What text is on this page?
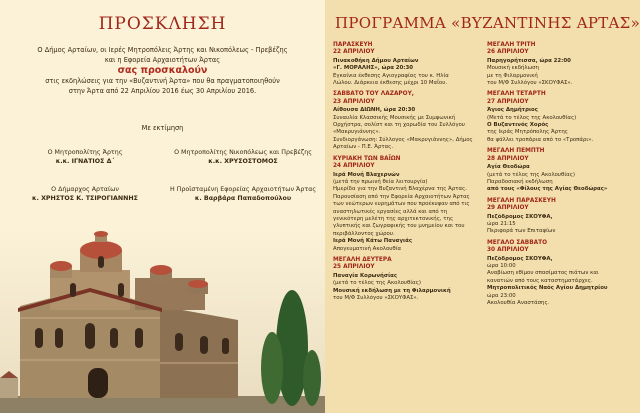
ΠΡΟΣΚΛΗΣΗ
Ο Δήμος Αρταίων, οι Ιερές Μητροπόλεις Άρτης και Νικοπόλεως - Πρεβέζης
και η Εφορεία Αρχαιοτήτων Άρτας
σας προσκαλούν
στις εκδηλώσεις για την «Βυζαντινή Άρτα» που θα πραγματοποιηθούν
στην Άρτα από 22 Απριλίου 2016 έως 30 Απριλίου 2016.
Με εκτίμηση
Ο Μητροπολίτης Άρτης
κ.κ. ΙΓΝΑΤΙΟΣ Δ΄
Ο Μητροπολίτης Νικοπόλεως και Πρεβέζης
κ.κ. ΧΡΥΣΟΣΤΟΜΟΣ
Ο Δήμαρχος Αρταίων
κ. ΧΡΗΣΤΟΣ Κ. ΤΣΙΡΟΓΙΑΝΝΗΣ
Η Προϊσταμένη Εφορείας Αρχαιοτήτων Άρτας
κ. Βαρβάρα Παπαδοπούλου
ΠΡΟΓΡΑΜΜΑ «ΒΥΖΑΝΤΙΝΗΣ ΑΡΤΑΣ»
ΠΑΡΑΣΚΕΥΗ
22 ΑΠΡΙΛΙΟΥ
Πινακοθήκη Δήμου Αρταίων
«Γ. ΜΟΡΑΛΗΣ», ώρα 20:30
Εγκαίνια έκθεσης Αγιογραφίας του κ. Ηλία
Λώλου. Διάρκεια έκθεσης μέχρι 10 Μαΐου.
ΣΑΒΒΑΤΟ ΤΟΥ ΛΑΖΑΡΟΥ,
23 ΑΠΡΙΛΙΟΥ
Αίθουσα ΔΙΩΝΗ, ώρα 20:30
Συναυλία Κλασσικής Μουσικής με Συμφωνική
Ορχήστρα, σολίστ και τη χορωδία του Συλλόγου
«Μακρυγιάννης».
Συνδιοργάνωση: Σύλλογος «Μακρυγιάννης», Δήμος
Αρταίων - Π.Ε. Άρτας.
ΚΥΡΙΑΚΗ ΤΩΝ ΒΑΪΩΝ
24 ΑΠΡΙΛΙΟΥ
Ιερά Μονή Βλαχερνών
(μετά την πρωινή θεία λειτουργία)
Ημερίδα για την Βυζαντινή Βλαχέρνα της Άρτας.
Παρουσίαση από την Εφορεία Αρχαιοτήτων Άρτας
των νεώτερων ευρημάτων που προέκυψαν από τις
αναστηλωτικές εργασίες αλλά και από τη
γενικότερη μελέτη της αρχιτεκτονικής, της
γλυπτικής και ζωγραφικής του μνημείου και του
περιβάλλοντος χώρου.
Ιερά Μονή Κάτω Παναγιάς
Απογευματινή Ακολουθία
ΜΕΓΑΛΗ ΔΕΥΤΕΡΑ
25 ΑΠΡΙΛΙΟΥ
Παναγία Κορωνήσίας
(μετά το τέλος της Ακολουθίας)
Μουσική εκδήλωση με τη Φιλαρμονική
του Μ/Φ Συλλόγου «ΣΚΟΥΦΑΣ».
ΜΕΓΑΛΗ ΤΡΙΤΗ
26 ΑΠΡΙΛΙΟΥ
Παρηγορήτισσα, ώρα 22:00
Μουσική εκδήλωση
με τη Φιλαρμονική
του Μ/Φ Συλλόγου «ΣΚΟΥΦΑΣ».
ΜΕΓΑΛΗ ΤΕΤΑΡΤΗ
27 ΑΠΡΙΛΙΟΥ
Άγιος Δημήτριος
(Μετά το τέλος της Ακολουθίας)
Ο Βυζαντινός Χορός
της Ιεράς Μητρόπολης Άρτης
θα ψάλλει τροπάρια από το «Τροπάρι».
ΜΕΓΑΛΗ ΠΕΜΠΤΗ
28 ΑΠΡΙΛΙΟΥ
Αγία Θεοδώρα
(μετά το τέλος της Ακολουθίας)
Παραδοσιακή εκδήλωση
από τους «Φίλους της Αγίας Θεοδώρας»
ΜΕΓΑΛΗ ΠΑΡΑΣΚΕΥΗ
29 ΑΠΡΙΛΙΟΥ
Πεζόδρομος ΣΚΟΥΦΑ,
ώρα 21:15
Περιφορά των Επιταφίων
ΜΕΓΑΛΟ ΣΑΒΒΑΤΟ
30 ΑΠΡΙΛΙΟΥ
Πεζόδρομος ΣΚΟΥΦΑ,
ώρα 10:00
Αναβίωση εθίμου σπασίματος πιάτων και
κανατιών από τους καταστηματάρχες.
Μητροπολιτικός Ναός Αγίου Δημητρίου
ώρα 23:00
Ακολουθία Αναστάσης.
